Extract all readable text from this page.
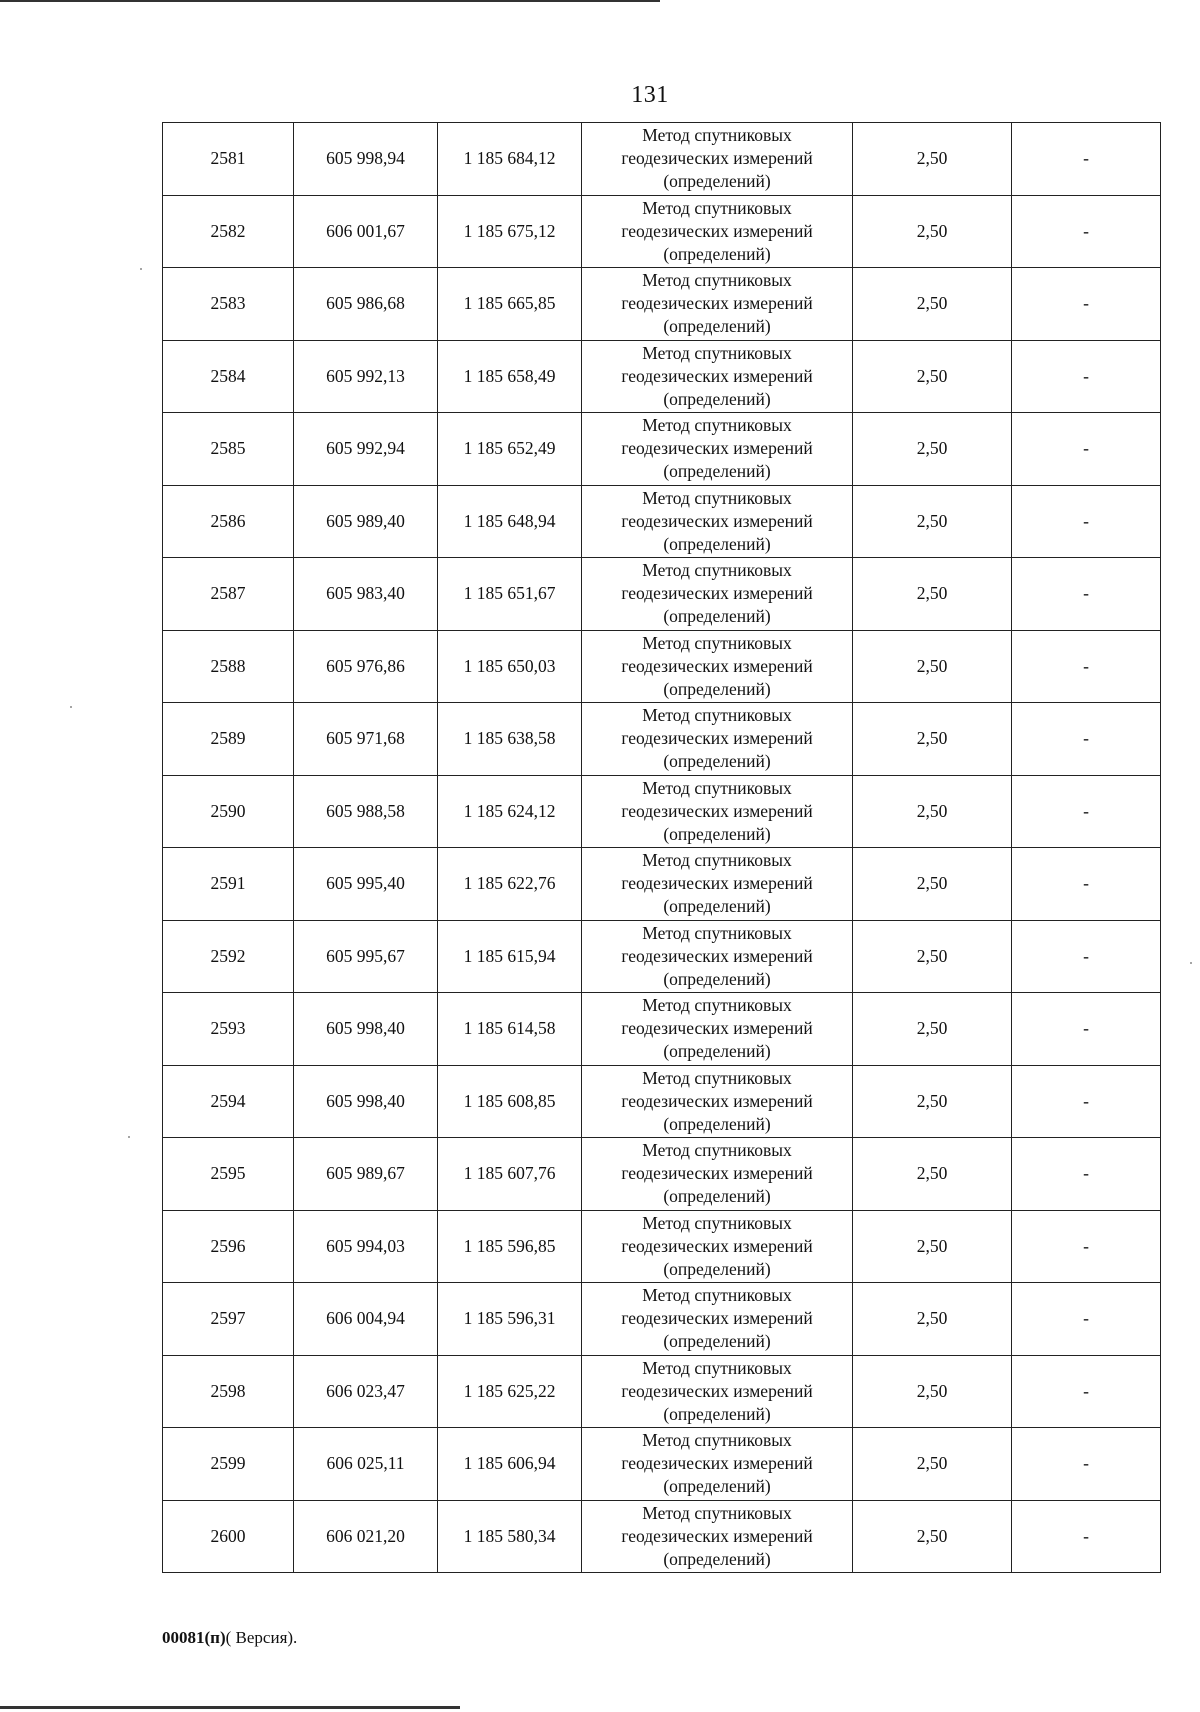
131
2581	605 998,94	1 185 684,12	Метод спутниковых
геодезических измерений
(определений)	2,50	-
2582	606 001,67	1 185 675,12	Метод спутниковых
геодезических измерений
(определений)	2,50	-
2583	605 986,68	1 185 665,85	Метод спутниковых
геодезических измерений
(определений)	2,50	-
2584	605 992,13	1 185 658,49	Метод спутниковых
геодезических измерений
(определений)	2,50	-
2585	605 992,94	1 185 652,49	Метод спутниковых
геодезических измерений
(определений)	2,50	-
2586	605 989,40	1 185 648,94	Метод спутниковых
геодезических измерений
(определений)	2,50	-
2587	605 983,40	1 185 651,67	Метод спутниковых
геодезических измерений
(определений)	2,50	-
2588	605 976,86	1 185 650,03	Метод спутниковых
геодезических измерений
(определений)	2,50	-
2589	605 971,68	1 185 638,58	Метод спутниковых
геодезических измерений
(определений)	2,50	-
2590	605 988,58	1 185 624,12	Метод спутниковых
геодезических измерений
(определений)	2,50	-
2591	605 995,40	1 185 622,76	Метод спутниковых
геодезических измерений
(определений)	2,50	-
2592	605 995,67	1 185 615,94	Метод спутниковых
геодезических измерений
(определений)	2,50	-
2593	605 998,40	1 185 614,58	Метод спутниковых
геодезических измерений
(определений)	2,50	-
2594	605 998,40	1 185 608,85	Метод спутниковых
геодезических измерений
(определений)	2,50	-
2595	605 989,67	1 185 607,76	Метод спутниковых
геодезических измерений
(определений)	2,50	-
2596	605 994,03	1 185 596,85	Метод спутниковых
геодезических измерений
(определений)	2,50	-
2597	606 004,94	1 185 596,31	Метод спутниковых
геодезических измерений
(определений)	2,50	-
2598	606 023,47	1 185 625,22	Метод спутниковых
геодезических измерений
(определений)	2,50	-
2599	606 025,11	1 185 606,94	Метод спутниковых
геодезических измерений
(определений)	2,50	-
2600	606 021,20	1 185 580,34	Метод спутниковых
геодезических измерений
(определений)	2,50	-
00081(п)( Версия).
